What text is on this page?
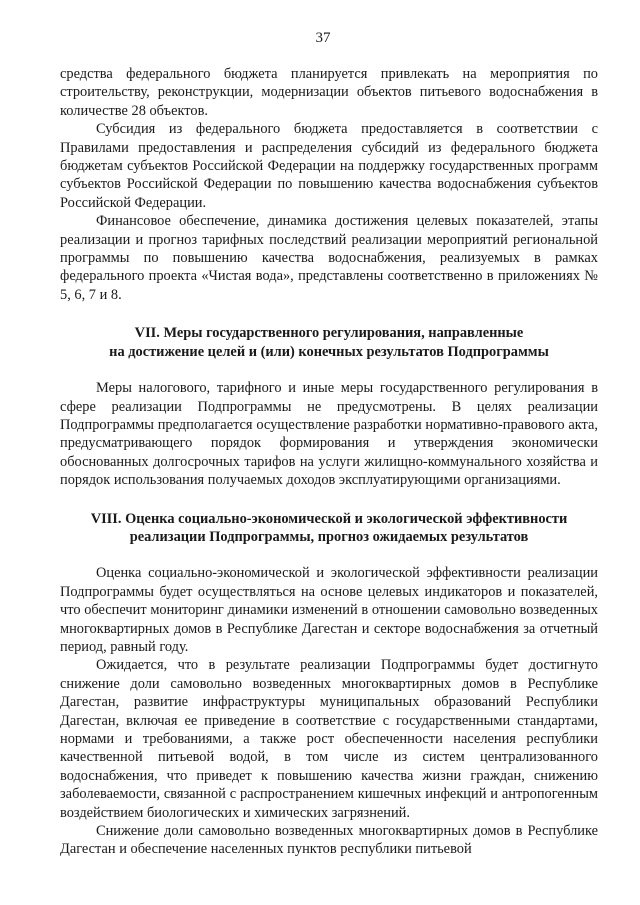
37

средства федерального бюджета планируется привлекать на мероприятия по строительству, реконструкции, модернизации объектов питьевого водоснабжения в количестве 28 объектов.

Субсидия из федерального бюджета предоставляется в соответствии с Правилами предоставления и распределения субсидий из федерального бюджета бюджетам субъектов Российской Федерации на поддержку государственных программ субъектов Российской Федерации по повышению качества водоснабжения субъектов Российской Федерации.

Финансовое обеспечение, динамика достижения целевых показателей, этапы реализации и прогноз тарифных последствий реализации мероприятий региональной программы по повышению качества водоснабжения, реализуемых в рамках федерального проекта «Чистая вода», представлены соответственно в приложениях № 5, 6, 7 и 8.

VII. Меры государственного регулирования, направленные
на достижение целей и (или) конечных результатов Подпрограммы

Меры налогового, тарифного и иные меры государственного регулирования в сфере реализации Подпрограммы не предусмотрены. В целях реализации Подпрограммы предполагается осуществление разработки нормативно-правового акта, предусматривающего порядок формирования и утверждения экономически обоснованных долгосрочных тарифов на услуги жилищно-коммунального хозяйства и порядок использования получаемых доходов эксплуатирующими организациями.

VIII. Оценка социально-экономической и экологической эффективности
реализации Подпрограммы, прогноз ожидаемых результатов

Оценка социально-экономической и экологической эффективности реализации Подпрограммы будет осуществляться на основе целевых индикаторов и показателей, что обеспечит мониторинг динамики изменений в отношении самовольно возведенных многоквартирных домов в Республике Дагестан и секторе водоснабжения за отчетный период, равный году.

Ожидается, что в результате реализации Подпрограммы будет достигнуто снижение доли самовольно возведенных многоквартирных домов в Республике Дагестан, развитие инфраструктуры муниципальных образований Республики Дагестан, включая ее приведение в соответствие с государственными стандартами, нормами и требованиями, а также рост обеспеченности населения республики качественной питьевой водой, в том числе из систем централизованного водоснабжения, что приведет к повышению качества жизни граждан, снижению заболеваемости, связанной с распространением кишечных инфекций и антропогенным воздействием биологических и химических загрязнений.

Снижение доли самовольно возведенных многоквартирных домов в Республике Дагестан и обеспечение населенных пунктов республики питьевой
